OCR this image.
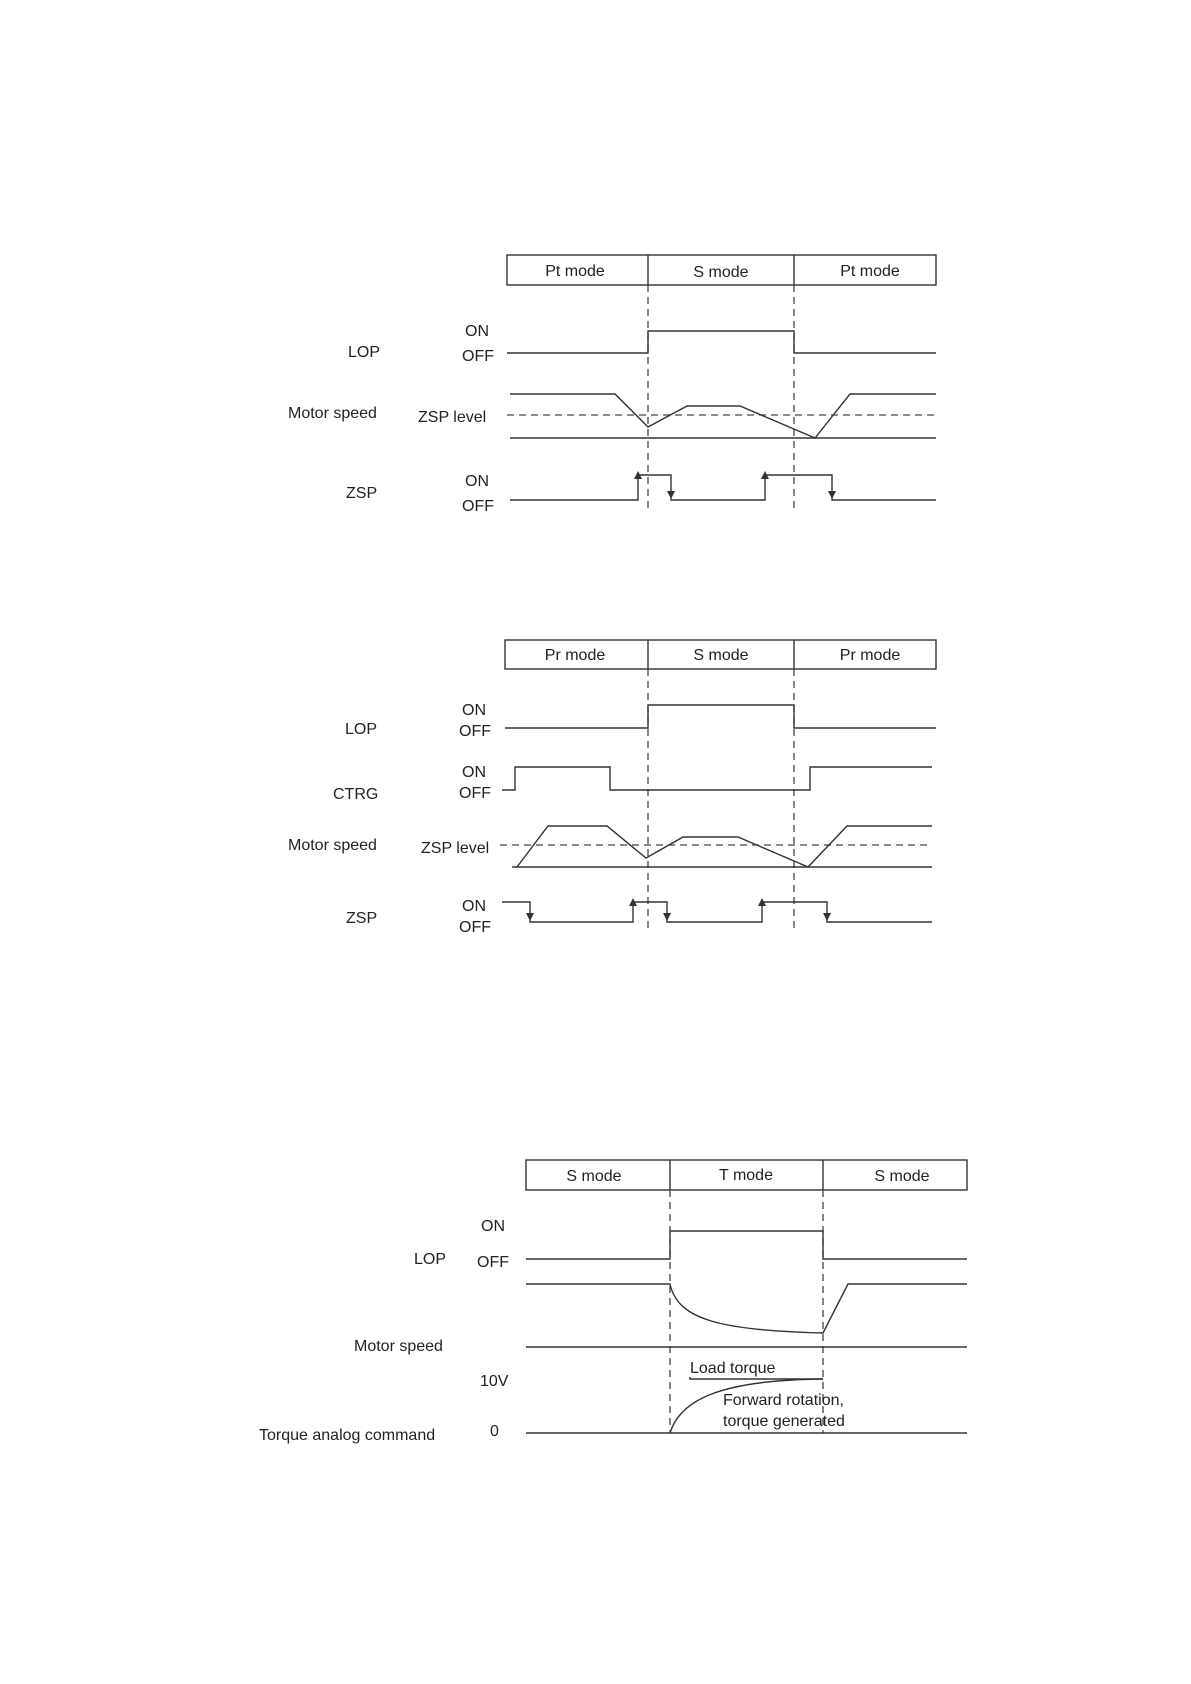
Pt mode	S mode	Pt mode
LOP
ON
OFF
Motor speed	ZSP level
ZSP
ON
OFF
Pr mode	S mode	Pr mode
LOP
ON
OFF
CTRG
ON
OFF
Motor speed	ZSP level
ZSP
ON
OFF
S mode	T mode	S mode
LOP
ON
OFF
Motor speed
Torque analog command
10V
0
Load torque
Forward rotation,
torque generated
